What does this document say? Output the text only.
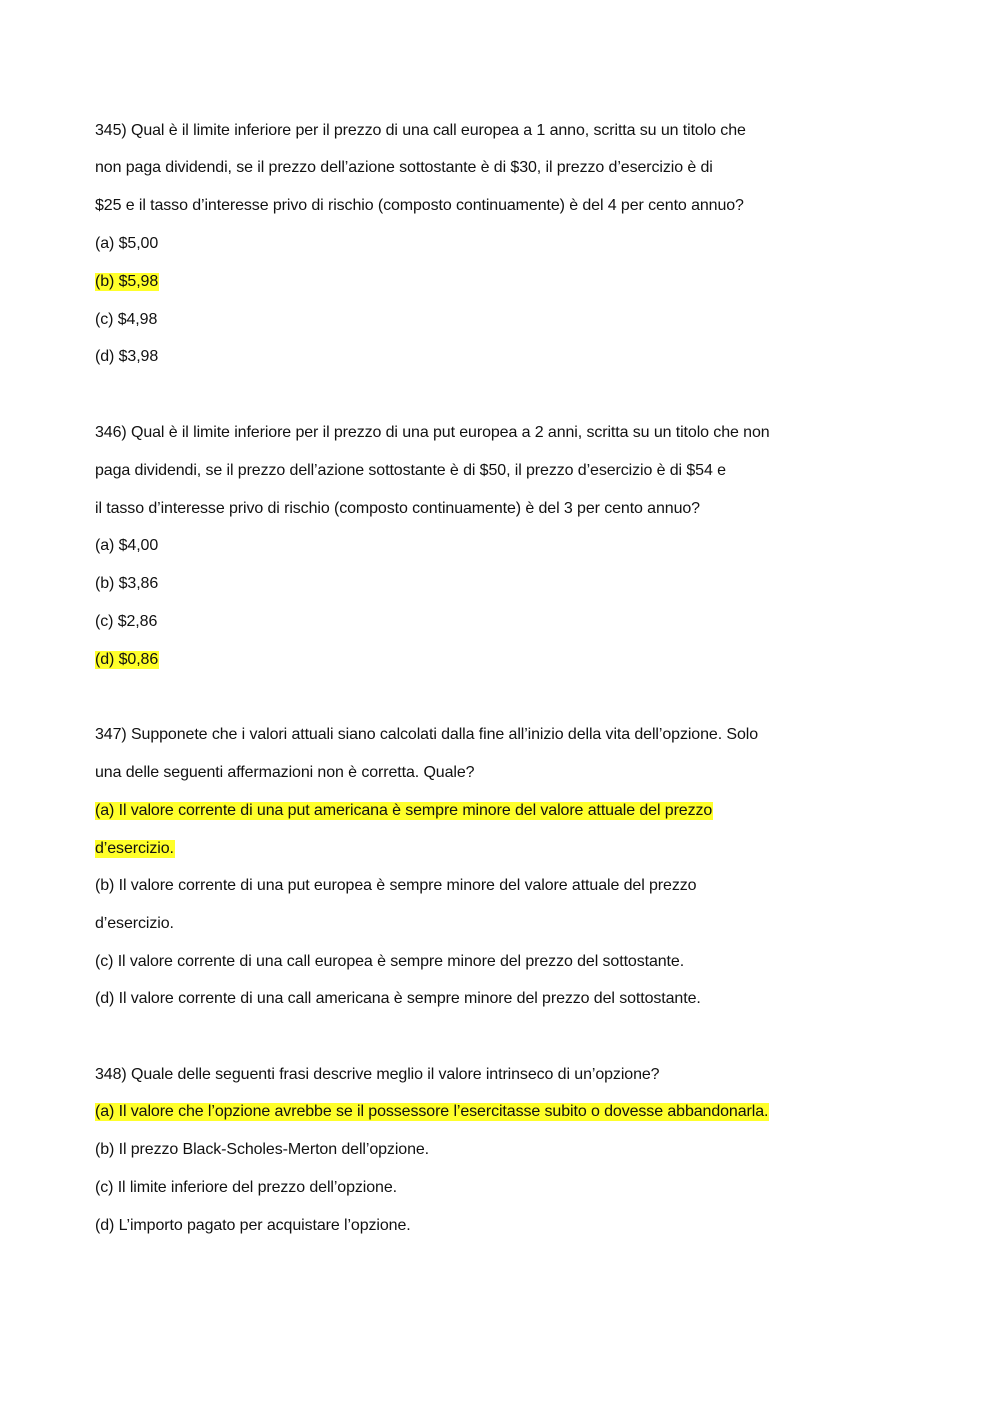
345) Qual è il limite inferiore per il prezzo di una call europea a 1 anno, scritta su un titolo che
non paga dividendi, se il prezzo dell’azione sottostante è di $30, il prezzo d’esercizio è di
$25 e il tasso d’interesse privo di rischio (composto continuamente) è del 4 per cento annuo?
(a) $5,00
(b) $5,98
(c) $4,98
(d) $3,98
346) Qual è il limite inferiore per il prezzo di una put europea a 2 anni, scritta su un titolo che non
paga dividendi, se il prezzo dell’azione sottostante è di $50, il prezzo d’esercizio è di $54 e
il tasso d’interesse privo di rischio (composto continuamente) è del 3 per cento annuo?
(a) $4,00
(b) $3,86
(c) $2,86
(d) $0,86
347) Supponete che i valori attuali siano calcolati dalla fine all’inizio della vita dell’opzione. Solo
una delle seguenti affermazioni non è corretta. Quale?
(a) Il valore corrente di una put americana è sempre minore del valore attuale del prezzo
d’esercizio.
(b) Il valore corrente di una put europea è sempre minore del valore attuale del prezzo
d’esercizio.
(c) Il valore corrente di una call europea è sempre minore del prezzo del sottostante.
(d) Il valore corrente di una call americana è sempre minore del prezzo del sottostante.
348) Quale delle seguenti frasi descrive meglio il valore intrinseco di un’opzione?
(a) Il valore che l’opzione avrebbe se il possessore l’esercitasse subito o dovesse abbandonarla.
(b) Il prezzo Black-Scholes-Merton dell’opzione.
(c) Il limite inferiore del prezzo dell’opzione.
(d) L’importo pagato per acquistare l’opzione.
